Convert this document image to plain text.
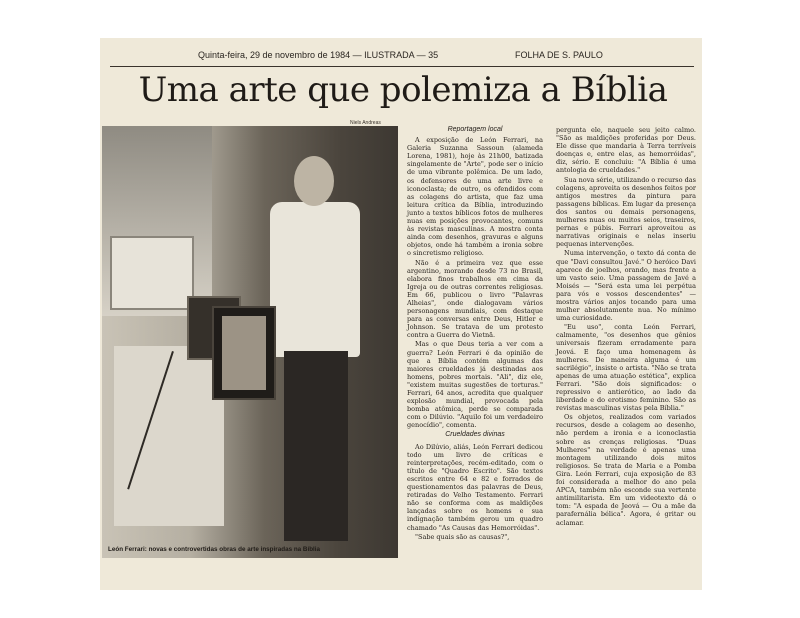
Quinta-feira, 29 de novembro de 1984 — ILUSTRADA — 35	FOLHA DE S. PAULO
Uma arte que polemiza a Bíblia
Niels Andreas
León Ferrari: novas e controvertidas obras de arte inspiradas na Bíblia

Reportagem local

A exposição de León Ferrari, na Galeria Suzanna Sassoun (alameda Lorena, 1981), hoje às 21h00, batizada singelamente de "Arte", pode ser o início de uma vibrante polêmica. De um lado, os defensores de uma arte livre e iconoclasta; de outro, os ofendidos com as colagens do artista, que faz uma leitura crítica da Bíblia, introduzindo junto a textos bíblicos fotos de mulheres nuas em posições provocantes, comuns às revistas masculinas. A mostra conta ainda com desenhos, gravuras e alguns objetos, onde há também a ironia sobre o sincretismo religioso.

Não é a primeira vez que esse argentino, morando desde 73 no Brasil, elabora finos trabalhos em cima da Igreja ou de outras correntes religiosas. Em 66, publicou o livro "Palavras Alheias", onde dialogavam vários personagens mundiais, com destaque para as conversas entre Deus, Hitler e Johnson. Se tratava de um protesto contra a Guerra do Vietnã.

Mas o que Deus teria a ver com a guerra? León Ferrari é da opinião de que a Bíblia contém algumas das maiores crueldades já destinadas aos homens, pobres mortais. "Ali", diz ele, "existem muitas sugestões de torturas." Ferrari, 64 anos, acredita que qualquer explosão mundial, provocada pela bomba atômica, perde se comparada com o Dilúvio. "Aquilo foi um verdadeiro genocídio", comenta.

Crueldades divinas

Ao Dilúvio, aliás, León Ferrari dedicou todo um livro de críticas e reinterpretações, recém-editado, com o título de "Quadro Escrito". São textos escritos entre 64 e 82 e forrados de questionamentos das palavras de Deus, retiradas do Velho Testamento. Ferrari não se conforma com as maldições lançadas sobre os homens e sua indignação também gerou um quadro chamado "As Causas das Hemorróidas".

"Sabe quais são as causas?",

pergunta ele, naquele seu jeito calmo. "São as maldições proferidas por Deus. Ele disse que mandaria à Terra terríveis doenças e, entre elas, as hemorróidas", diz, sério. E concluiu: "A Bíblia é uma antologia de crueldades."

Sua nova série, utilizando o recurso das colagens, aproveita os desenhos feitos por antigos mestres da pintura para passagens bíblicas. Em lugar da presença dos santos ou demais personagens, mulheres nuas ou muitos seios, traseiros, pernas e púbis. Ferrari aproveitou as narrativas originais e nelas inseriu pequenas intervenções.

Numa intervenção, o texto dá conta de que "Davi consultou Javé." O heróico Davi aparece de joelhos, orando, mas frente a um vasto seio. Uma passagem de Javé a Moisés — "Será esta uma lei perpétua para vós e vossos descendentes" — mostra vários anjos tocando para uma mulher absolutamente nua. No mínimo uma curiosidade.

"Eu uso", conta León Ferrari, calmamente, "os desenhos que gênios universais fizeram erradamente para Jeová. E faço uma homenagem às mulheres. De maneira alguma é um sacrilégio", insiste o artista. "Não se trata apenas de uma atuação estética", explica Ferrari. "São dois significados: o repressivo e antierótico, ao lado da liberdade e do erotismo feminino. São as revistas masculinas vistas pela Bíblia."

Os objetos, realizados com variados recursos, desde a colagem ao desenho, não perdem a ironia e a iconoclastia sobre as crenças religiosas. "Duas Mulheres" na verdade é apenas uma montagem utilizando dois mitos religiosos. Se trata de Maria e a Pomba Gira. León Ferrari, cuja exposição de 83 foi considerada a melhor do ano pela APCA, também não esconde sua vertente antimilitarista. Em um videotexto dá o tom: "A espada de Jeová — Ou a mãe da parafernália bélica". Agora, é gritar ou aclamar.
